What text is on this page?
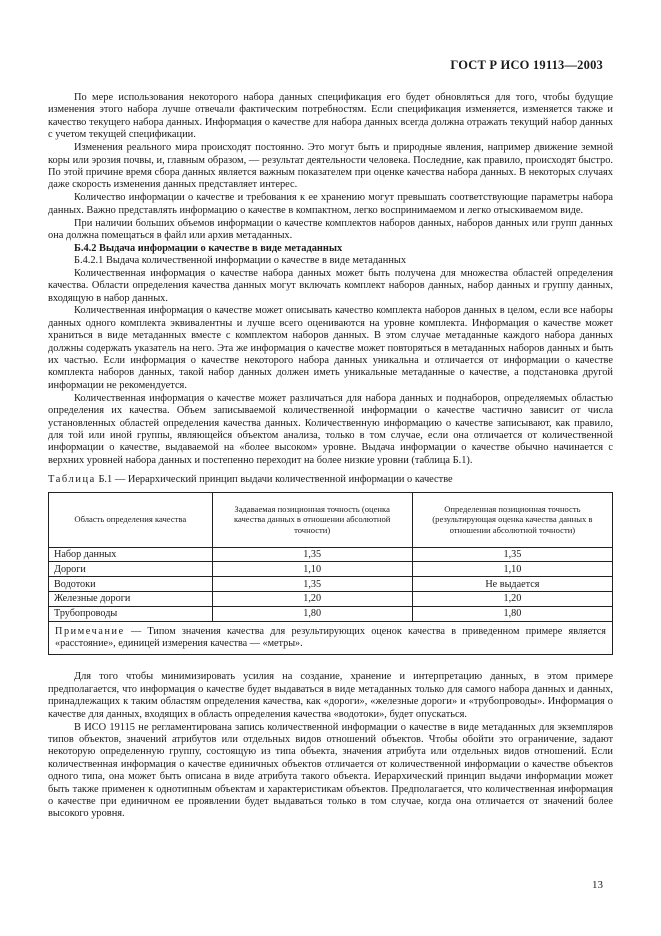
ГОСТ Р ИСО 19113—2003

По мере использования некоторого набора данных спецификация его будет обновляться для того, чтобы будущие изменения этого набора лучше отвечали фактическим потребностям. Если спецификация изменяется, изменяется также и качество текущего набора данных. Информация о качестве для набора данных всегда должна отражать текущий набор данных с учетом текущей спецификации.

Изменения реального мира происходят постоянно. Это могут быть и природные явления, например движение земной коры или эрозия почвы, и, главным образом, — результат деятельности человека. Последние, как правило, происходят быстро. По этой причине время сбора данных является важным показателем при оценке качества набора данных. В некоторых случаях даже скорость изменения данных представляет интерес.

Количество информации о качестве и требования к ее хранению могут превышать соответствующие параметры набора данных. Важно представлять информацию о качестве в компактном, легко воспринимаемом и легко отыскиваемом виде.

При наличии больших объемов информации о качестве комплектов наборов данных, наборов данных или групп данных она должна помещаться в файл или архив метаданных.

Б.4.2 Выдача информации о качестве в виде метаданных
Б.4.2.1 Выдача количественной информации о качестве в виде метаданных

Количественная информация о качестве набора данных может быть получена для множества областей определения качества. Области определения качества данных могут включать комплект наборов данных, набор данных и группу данных, входящую в набор данных.

Количественная информация о качестве может описывать качество комплекта наборов данных в целом, если все наборы данных одного комплекта эквивалентны и лучше всего оцениваются на уровне комплекта. Информация о качестве может храниться в виде метаданных вместе с комплектом наборов данных. В этом случае метаданные каждого набора данных должны содержать указатель на него. Эта же информация о качестве может повторяться в метаданных наборов данных и быть их частью. Если информация о качестве некоторого набора данных уникальна и отличается от информации о качестве комплекта наборов данных, такой набор данных должен иметь уникальные метаданные о качестве, а подстановка другой информации не рекомендуется.

Количественная информация о качестве может различаться для набора данных и поднаборов, определяемых областью определения их качества. Объем записываемой количественной информации о качестве частично зависит от числа установленных областей определения качества данных. Количественную информацию о качестве записывают, как правило, для той или иной группы, являющейся объектом анализа, только в том случае, если она отличается от количественной информации о качестве, выдаваемой на «более высоком» уровне. Выдача информации о качестве обычно начинается с верхних уровней набора данных и постепенно переходит на более низкие уровни (таблица Б.1).

Таблица Б.1 — Иерархический принцип выдачи количественной информации о качестве
Область определения качества	Задаваемая позиционная точность (оценка качества данных в отношении абсолютной точности)	Определенная позиционная точность (результирующая оценка качества данных в отношении абсолютной точности)
Набор данных	1,35	1,35
Дороги	1,10	1,10
Водотоки	1,35	Не выдается
Железные дороги	1,20	1,20
Трубопроводы	1,80	1,80
Примечание — Типом значения качества для результирующих оценок качества в приведенном примере является «расстояние», единицей измерения качества — «метры».		

Для того чтобы минимизировать усилия на создание, хранение и интерпретацию данных, в этом примере предполагается, что информация о качестве будет выдаваться в виде метаданных только для самого набора данных и данных, принадлежащих к таким областям определения качества, как «дороги», «железные дороги» и «трубопроводы». Информация о качестве для данных, входящих в область определения качества «водотоки», будет опускаться.

В ИСО 19115 не регламентирована запись количественной информации о качестве в виде метаданных для экземпляров типов объектов, значений атрибутов или отдельных видов отношений объектов. Чтобы обойти это ограничение, задают некоторую определенную группу, состоящую из типа объекта, значения атрибута или отдельных видов отношений. Если количественная информация о качестве единичных объектов отличается от количественной информации о качестве объектов одного типа, она может быть описана в виде атрибута такого объекта. Иерархический принцип выдачи информации может быть также применен к однотипным объектам и характеристикам объектов. Предполагается, что количественная информация о качестве при единичном ее проявлении будет выдаваться только в том случае, когда она отличается от значений более высокого уровня.

13
